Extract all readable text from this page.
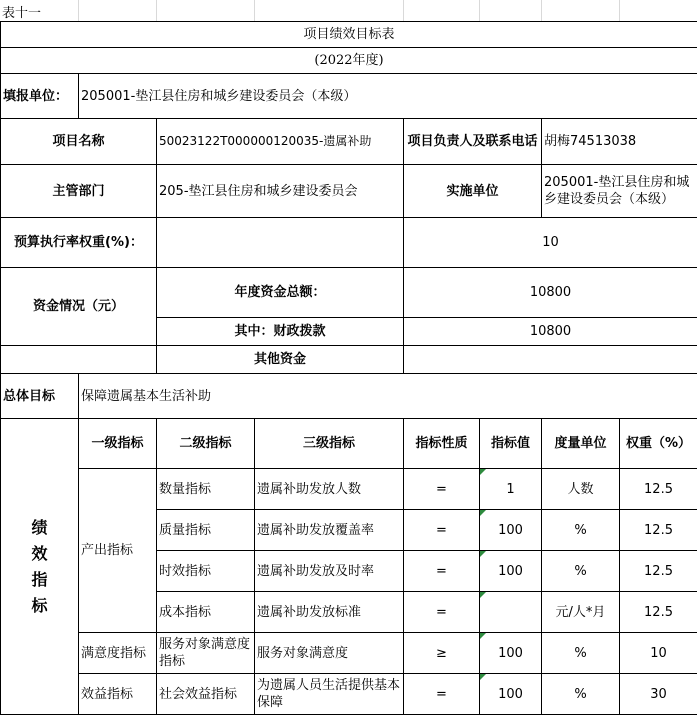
表十一
项目绩效目标表							
(2022年度)							
填报单位：	205001-垫江县住房和城乡建设委员会（本级）						
项目名称		50023122T000000120035-遗属补助		项目负责人及联系电话		胡梅74513038	
主管部门		205-垫江县住房和城乡建设委员会		实施单位		205001-垫江县住房和城乡建设委员会（本级）	
预算执行率权重(%)：				10			
资金情况（元）		年度资金总额：		10800			
		其中：财政拨款		10800			
		其他资金					
总体目标	保障遗属基本生活补助						
绩效指标	一级指标	二级指标	三级指标	指标性质	指标值	度量单位	权重（%）
	产出指标	数量指标	遗属补助发放人数	=	1	人数	12.5
		质量指标	遗属补助发放覆盖率	=	100	%	12.5
		时效指标	遗属补助发放及时率	=	100	%	12.5
		成本指标	遗属补助发放标准	=		元/人*月	12.5
	满意度指标	服务对象满意度指标	服务对象满意度	≥	100	%	10
	效益指标	社会效益指标	为遗属人员生活提供基本保障	=	100	%	30
